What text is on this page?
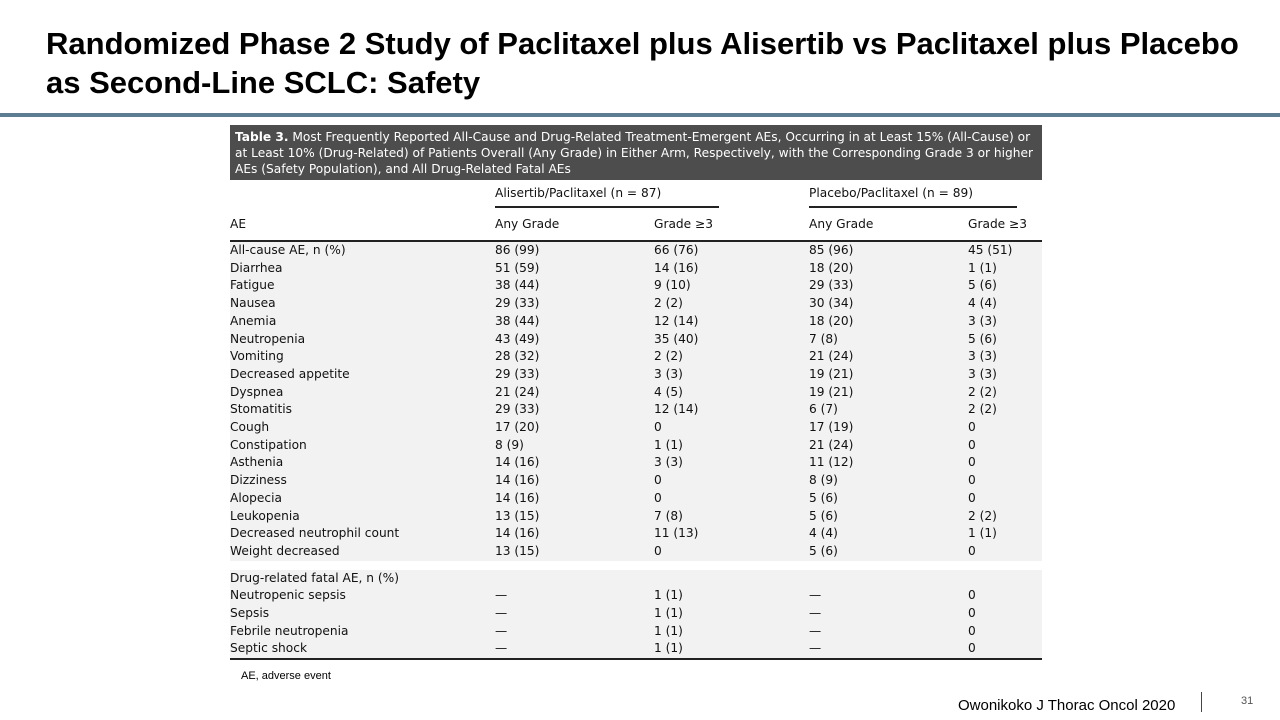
Randomized Phase 2 Study of Paclitaxel plus Alisertib vs Paclitaxel plus Placebo as Second-Line SCLC: Safety
Table 3. Most Frequently Reported All-Cause and Drug-Related Treatment-Emergent AEs, Occurring in at Least 15% (All-Cause) or at Least 10% (Drug-Related) of Patients Overall (Any Grade) in Either Arm, Respectively, with the Corresponding Grade 3 or higher AEs (Safety Population), and All Drug-Related Fatal AEs
	Alisertib/Paclitaxel (n = 87)		Placebo/Paclitaxel (n = 89)	
AE	Any Grade	Grade ≥3	Any Grade	Grade ≥3
All-cause AE, n (%)	86 (99)	66 (76)	85 (96)	45 (51)
Diarrhea	51 (59)	14 (16)	18 (20)	1 (1)
Fatigue	38 (44)	9 (10)	29 (33)	5 (6)
Nausea	29 (33)	2 (2)	30 (34)	4 (4)
Anemia	38 (44)	12 (14)	18 (20)	3 (3)
Neutropenia	43 (49)	35 (40)	7 (8)	5 (6)
Vomiting	28 (32)	2 (2)	21 (24)	3 (3)
Decreased appetite	29 (33)	3 (3)	19 (21)	3 (3)
Dyspnea	21 (24)	4 (5)	19 (21)	2 (2)
Stomatitis	29 (33)	12 (14)	6 (7)	2 (2)
Cough	17 (20)	0	17 (19)	0
Constipation	8 (9)	1 (1)	21 (24)	0
Asthenia	14 (16)	3 (3)	11 (12)	0
Dizziness	14 (16)	0	8 (9)	0
Alopecia	14 (16)	0	5 (6)	0
Leukopenia	13 (15)	7 (8)	5 (6)	2 (2)
Decreased neutrophil count	14 (16)	11 (13)	4 (4)	1 (1)
Weight decreased	13 (15)	0	5 (6)	0

Drug-related fatal AE, n (%)				
Neutropenic sepsis	—	1 (1)	—	0
Sepsis	—	1 (1)	—	0
Febrile neutropenia	—	1 (1)	—	0
Septic shock	—	1 (1)	—	0
AE, adverse event
Owonikoko J Thorac Oncol 2020	31
